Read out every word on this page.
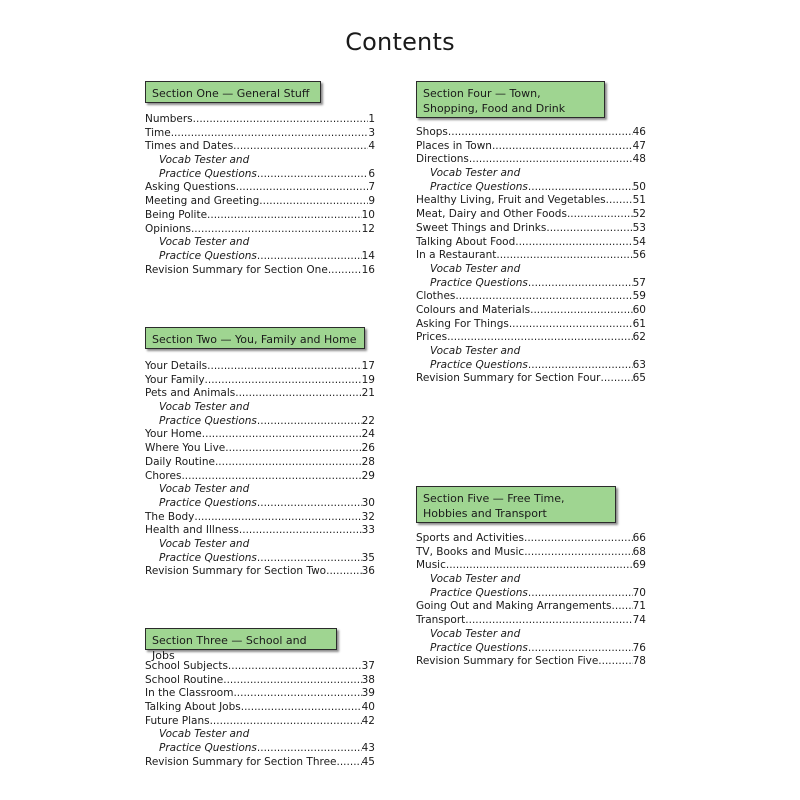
Contents
Section One — General Stuff
Numbers .....	1
Time .....	3
Times and Dates .....	4
Vocab Tester and
Practice Questions .....	6
Asking Questions .....	7
Meeting and Greeting .....	9
Being Polite .....	10
Opinions .....	12
Vocab Tester and
Practice Questions .....	14
Revision Summary for Section One .....	16
Section Two — You, Family and Home
Your Details .....	17
Your Family .....	19
Pets and Animals .....	21
Vocab Tester and
Practice Questions .....	22
Your Home .....	24
Where You Live .....	26
Daily Routine .....	28
Chores .....	29
Vocab Tester and
Practice Questions .....	30
The Body .....	32
Health and Illness .....	33
Vocab Tester and
Practice Questions .....	35
Revision Summary for Section Two .....	36
Section Three — School and Jobs
School Subjects .....	37
School Routine .....	38
In the Classroom .....	39
Talking About Jobs .....	40
Future Plans .....	42
Vocab Tester and
Practice Questions .....	43
Revision Summary for Section Three ..... 45
Section Four — Town, Shopping, Food and Drink
Shops .....	46
Places in Town .....	47
Directions .....	48
Vocab Tester and
Practice Questions .....	50
Healthy Living, Fruit and Vegetables .....	51
Meat, Dairy and Other Foods .....	52
Sweet Things and Drinks .....	53
Talking About Food .....	54
In a Restaurant .....	56
Vocab Tester and
Practice Questions .....	57
Clothes .....	59
Colours and Materials .....	60
Asking For Things .....	61
Prices .....	62
Vocab Tester and
Practice Questions .....	63
Revision Summary for Section Four .....	65
Section Five — Free Time, Hobbies and Transport
Sports and Activities .....	66
TV, Books and Music .....	68
Music .....	69
Vocab Tester and
Practice Questions .....	70
Going Out and Making Arrangements ..... 71
Transport .....	74
Vocab Tester and
Practice Questions .....	76
Revision Summary for Section Five .....	78
